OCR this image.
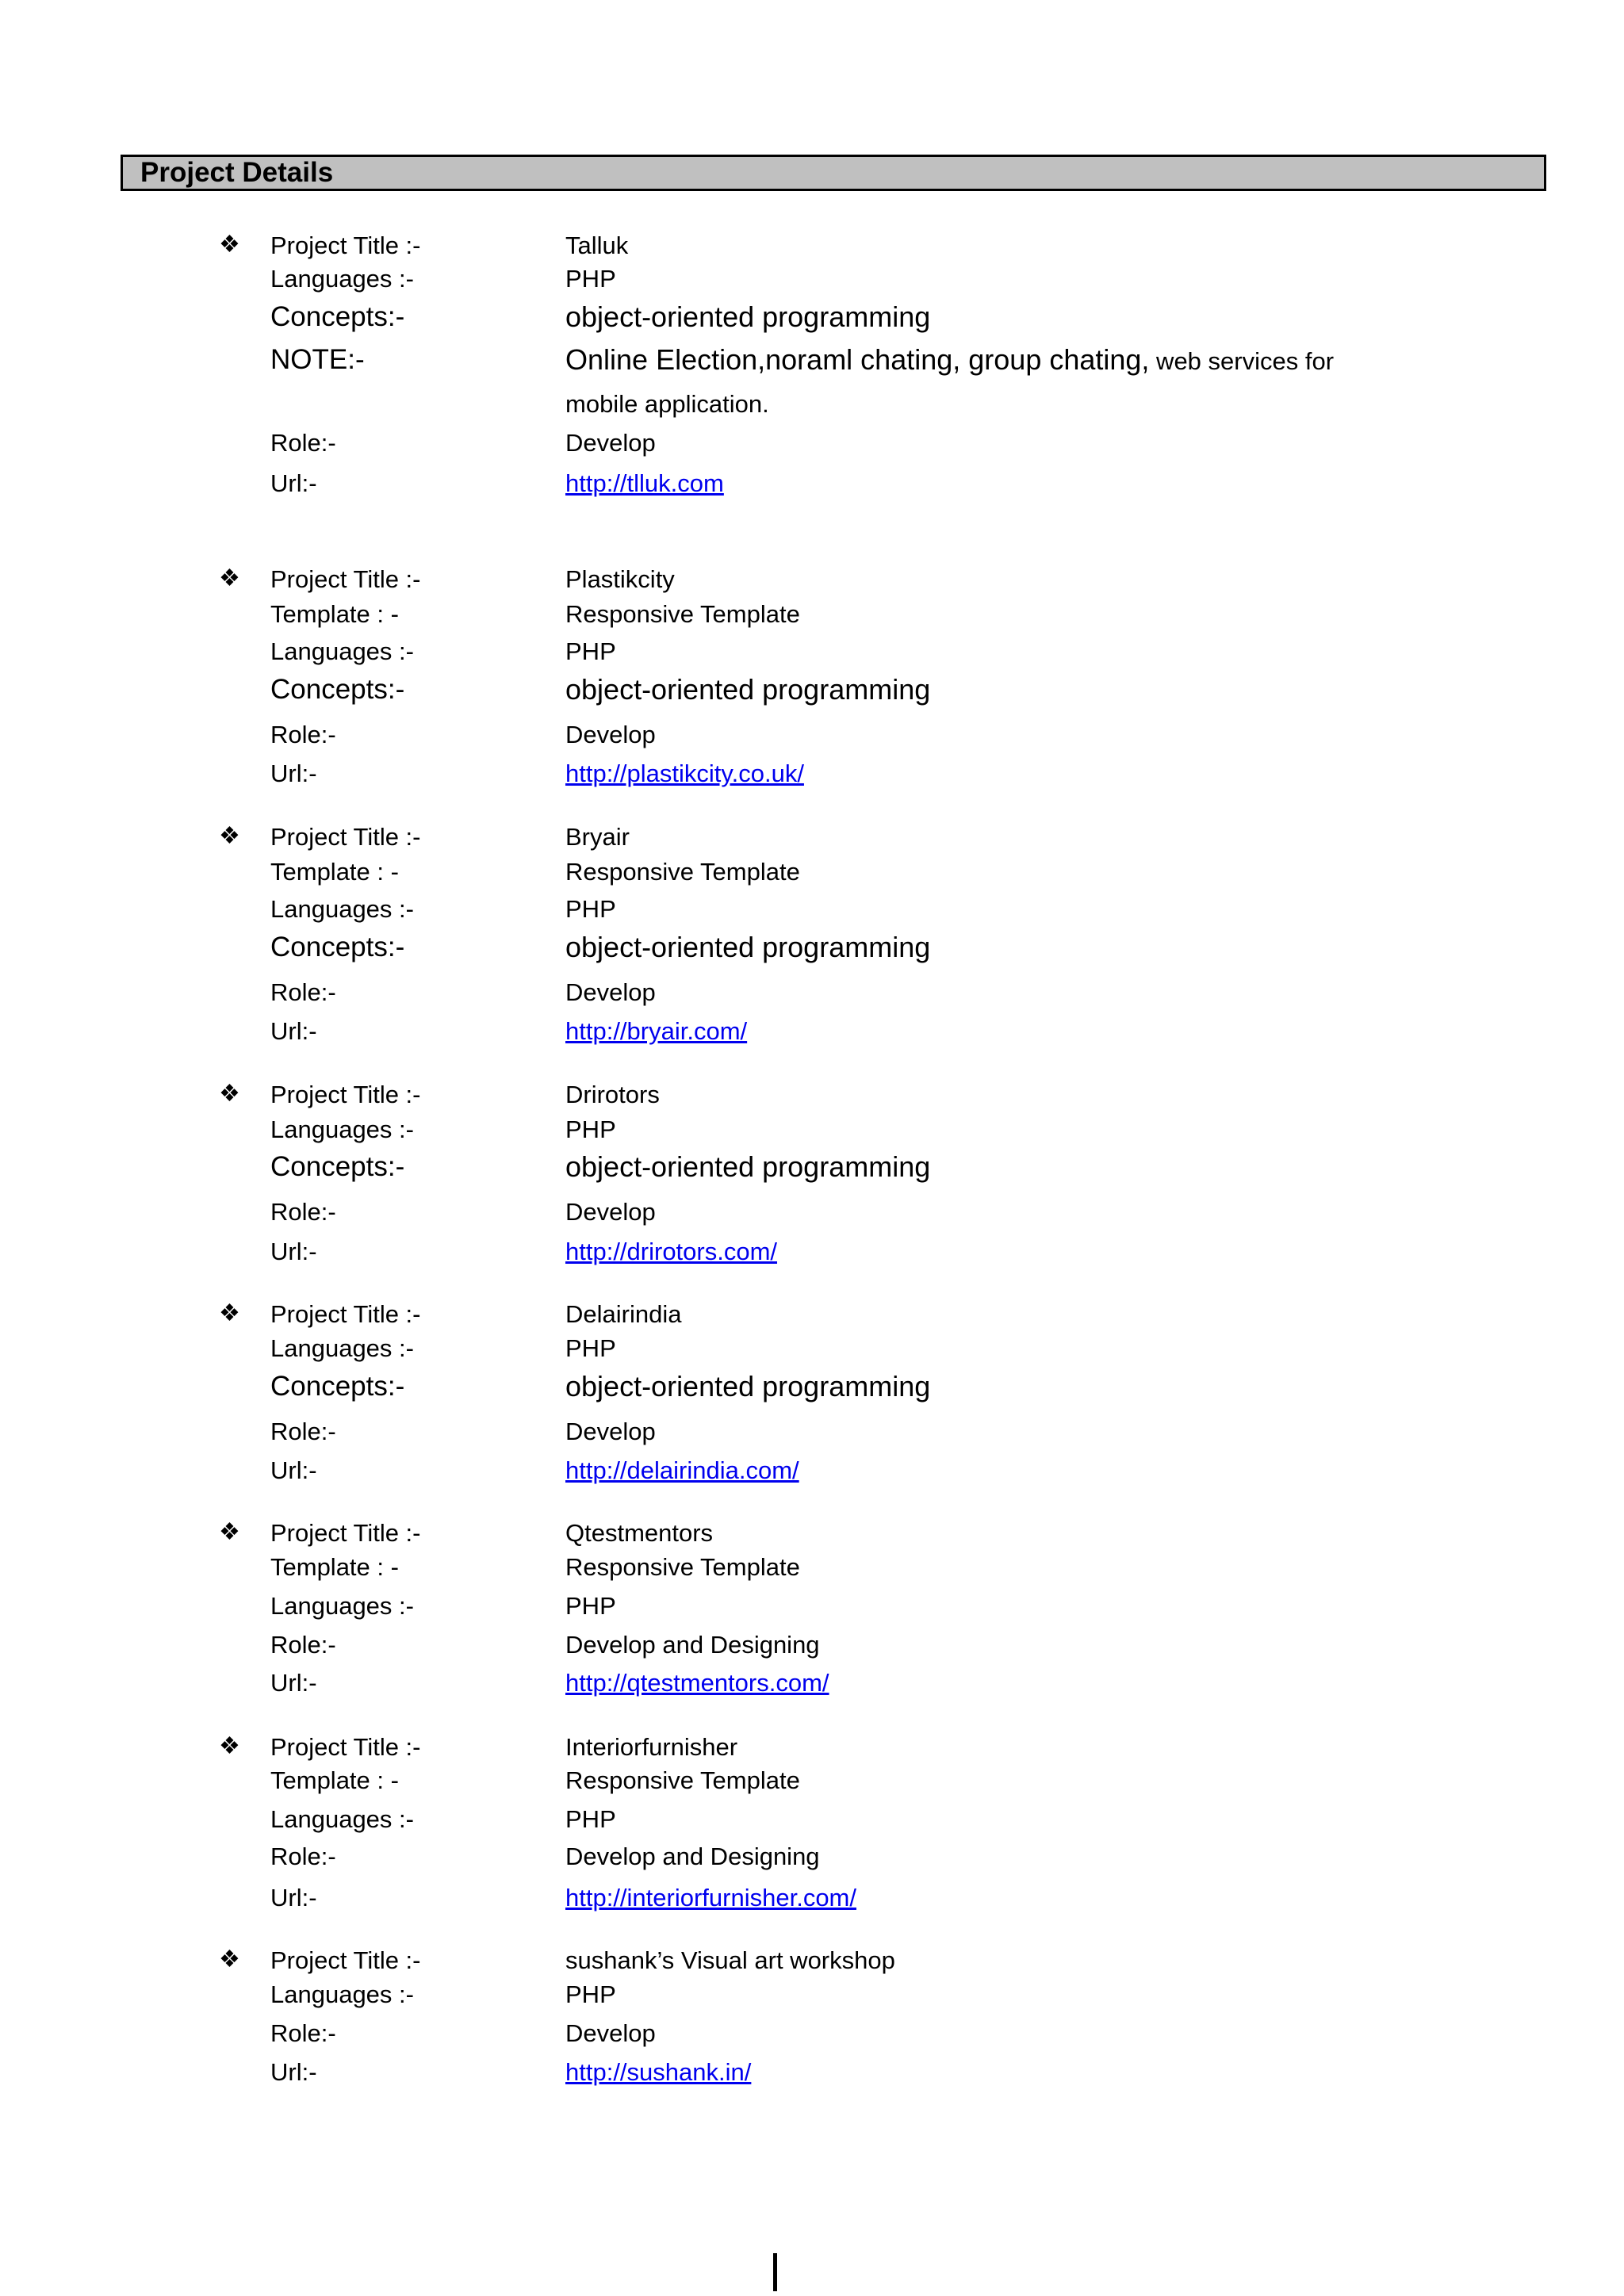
Project Details
❖ Project Title :-	Talluk
Languages :-	PHP
Concepts:-	object-oriented programming
NOTE:-	Online Election,noraml chating, group chating, web services for
mobile application.
Role:-	Develop
Url:-	http://tlluk.com
❖ Project Title :-	Plastikcity
Template : -	Responsive Template
Languages :-	PHP
Concepts:-	object-oriented programming
Role:-	Develop
Url:-	http://plastikcity.co.uk/
❖ Project Title :-	Bryair
Template : -	Responsive Template
Languages :-	PHP
Concepts:-	object-oriented programming
Role:-	Develop
Url:-	http://bryair.com/
❖ Project Title :-	Drirotors
Languages :-	PHP
Concepts:-	object-oriented programming
Role:-	Develop
Url:-	http://drirotors.com/
❖ Project Title :-	Delairindia
Languages :-	PHP
Concepts:-	object-oriented programming
Role:-	Develop
Url:-	http://delairindia.com/
❖ Project Title :-	Qtestmentors
Template : -	Responsive Template
Languages :-	PHP
Role:-	Develop and Designing
Url:-	http://qtestmentors.com/
❖ Project Title :-	Interiorfurnisher
Template : -	Responsive Template
Languages :-	PHP
Role:-	Develop and Designing
Url:-	http://interiorfurnisher.com/
❖ Project Title :-	sushank’s Visual art workshop
Languages :-	PHP
Role:-	Develop
Url:-	http://sushank.in/
